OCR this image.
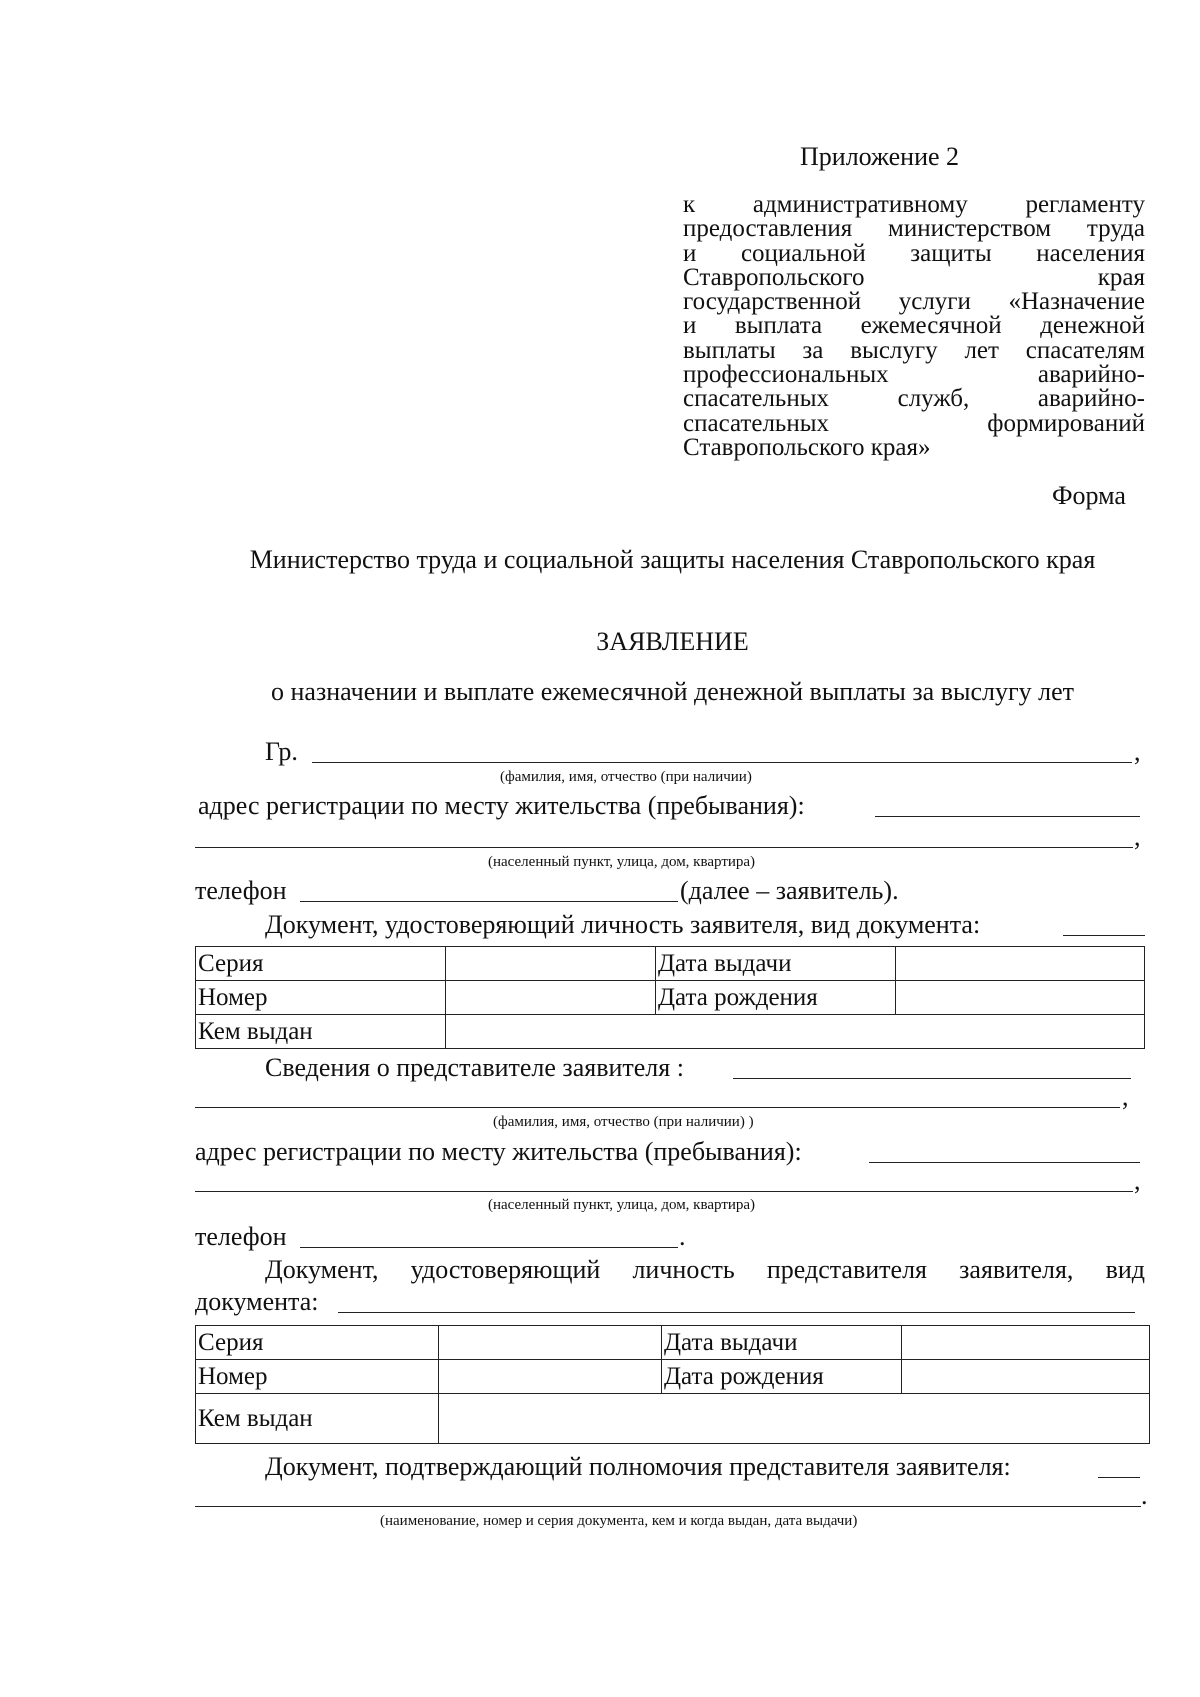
Приложение 2
к административному регламенту
предоставления министерством труда
и социальной защиты населения
Ставропольского края
государственной услуги «Назначение
и выплата ежемесячной денежной
выплаты за выслугу лет спасателям
профессиональных аварийно-
спасательных служб, аварийно-
спасательных формирований
Ставропольского края»
Форма
Министерство труда и социальной защиты населения Ставропольского края
ЗАЯВЛЕНИЕ
о назначении и выплате ежемесячной денежной выплаты за выслугу лет
Гр.	,
(фамилия, имя, отчество (при наличии)
адрес регистрации по месту жительства (пребывания):
,
(населенный пункт, улица, дом, квартира)
телефон	(далее – заявитель).
Документ, удостоверяющий личность заявителя, вид документа:
Серия		Дата выдачи	
Номер		Дата рождения	
Кем выдан			
Сведения о представителе заявителя :
,
(фамилия, имя, отчество (при наличии) )
адрес регистрации по месту жительства (пребывания):
,
(населенный пункт, улица, дом, квартира)
телефон	.
Документ, удостоверяющий личность представителя заявителя, вид
документа:
Серия		Дата выдачи	
Номер		Дата рождения	
Кем выдан			
Документ, подтверждающий полномочия представителя заявителя:
.
(наименование, номер и серия документа, кем и когда выдан, дата выдачи)
